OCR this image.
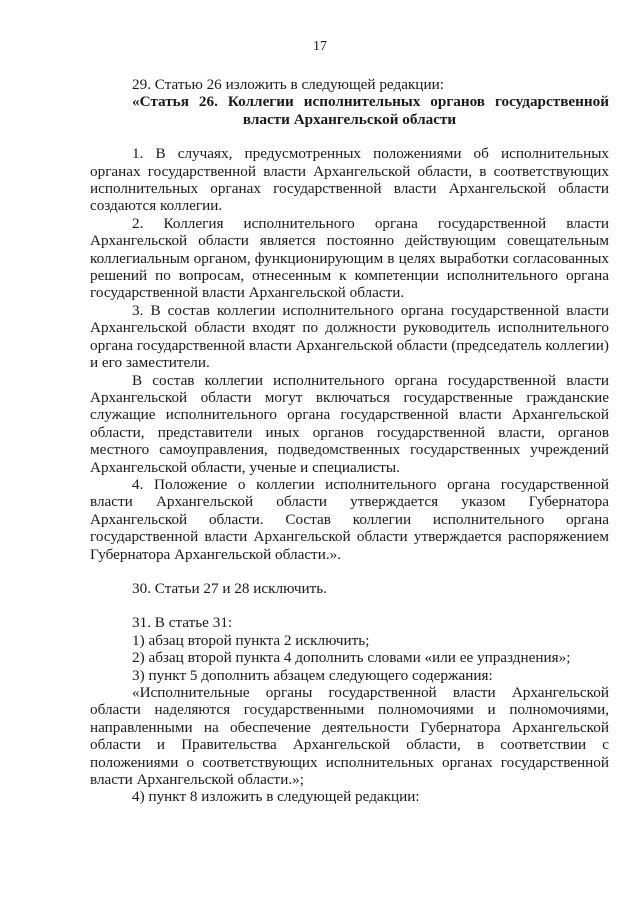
17

29. Статью 26 изложить в следующей редакции:

«Статья 26. Коллегии исполнительных органов государственной власти Архангельской области

1. В случаях, предусмотренных положениями об исполнительных органах государственной власти Архангельской области, в соответствующих исполнительных органах государственной власти Архангельской области создаются коллегии.

2. Коллегия исполнительного органа государственной власти Архангельской области является постоянно действующим совещательным коллегиальным органом, функционирующим в целях выработки согласованных решений по вопросам, отнесенным к компетенции исполнительного органа государственной власти Архангельской области.

3. В состав коллегии исполнительного органа государственной власти Архангельской области входят по должности руководитель исполнительного органа государственной власти Архангельской области (председатель коллегии) и его заместители.

В состав коллегии исполнительного органа государственной власти Архангельской области могут включаться государственные гражданские служащие исполнительного органа государственной власти Архангельской области, представители иных органов государственной власти, органов местного самоуправления, подведомственных государственных учреждений Архангельской области, ученые и специалисты.

4. Положение о коллегии исполнительного органа государственной власти Архангельской области утверждается указом Губернатора Архангельской области. Состав коллегии исполнительного органа государственной власти Архангельской области утверждается распоряжением Губернатора Архангельской области.».

30. Статьи 27 и 28 исключить.

31. В статье 31:

1) абзац второй пункта 2 исключить;

2) абзац второй пункта 4 дополнить словами «или ее упразднения»;

3) пункт 5 дополнить абзацем следующего содержания:

«Исполнительные органы государственной власти Архангельской области наделяются государственными полномочиями и полномочиями, направленными на обеспечение деятельности Губернатора Архангельской области и Правительства Архангельской области, в соответствии с положениями о соответствующих исполнительных органах государственной власти Архангельской области.»;

4) пункт 8 изложить в следующей редакции:
